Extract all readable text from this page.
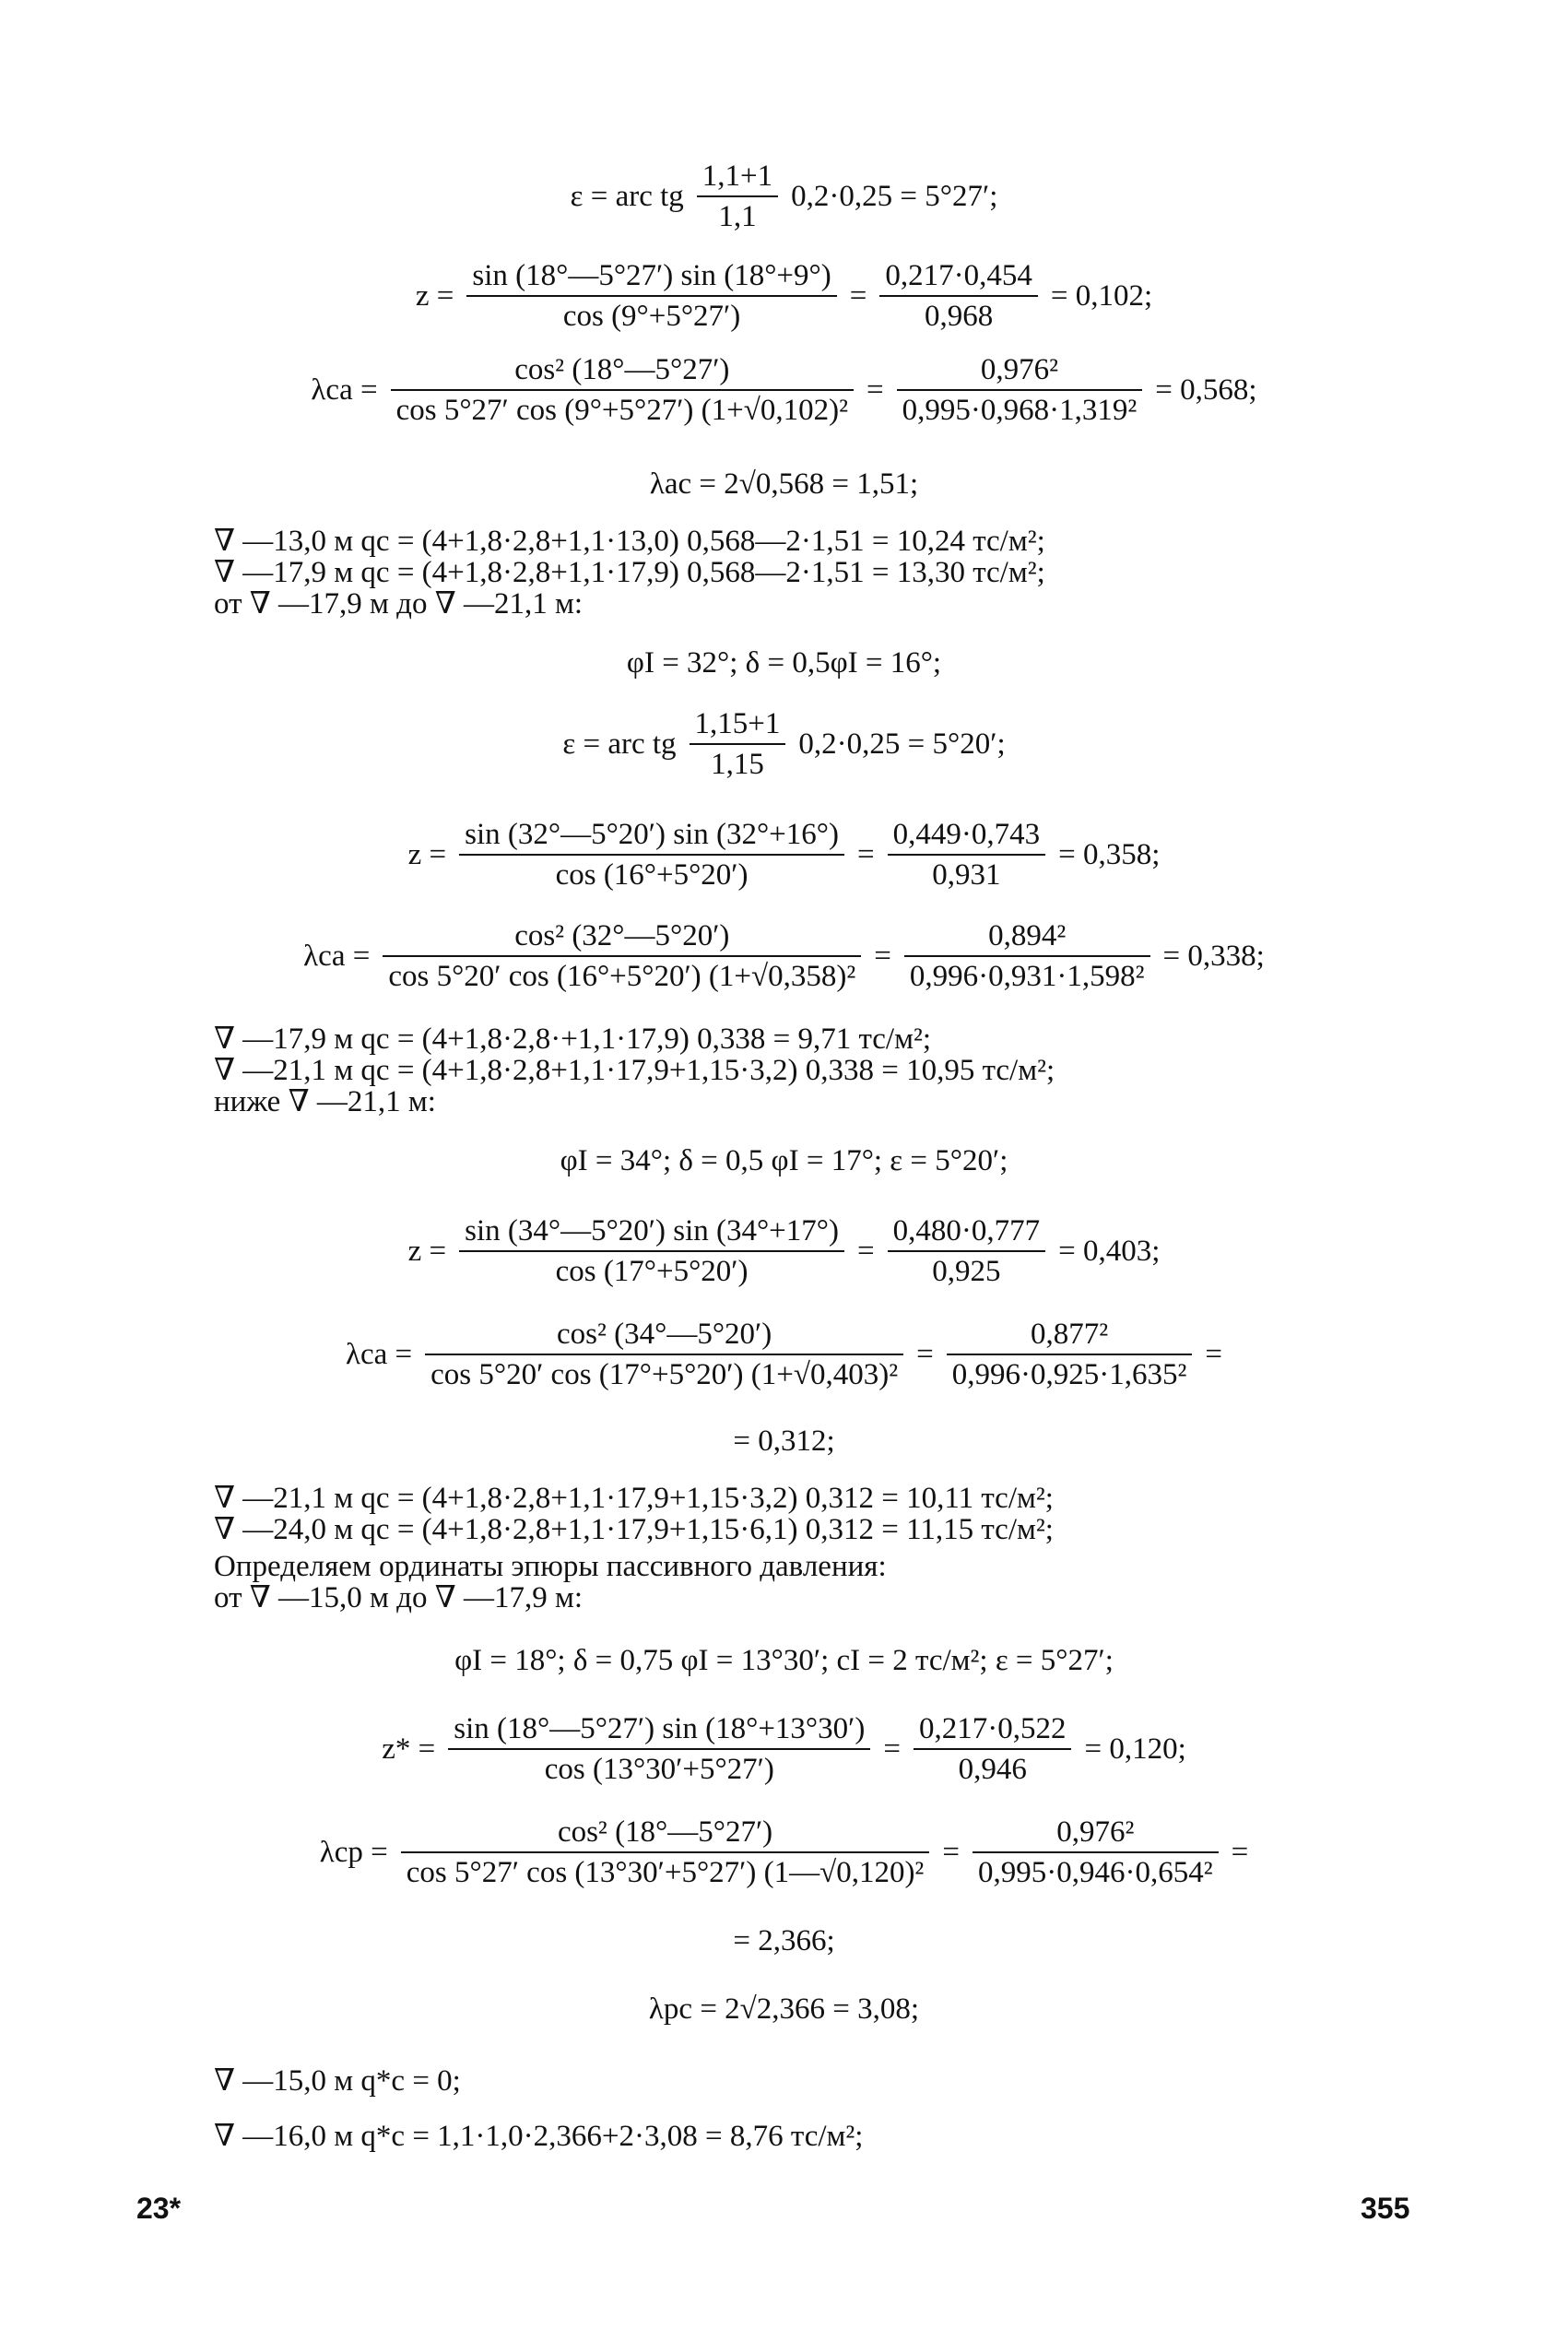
ε = arc tg $\frac{1,1+1}{1,1} 0,2\cdot 0,25 = 5^\circ 27'$;
$z = \frac{\sin (18^\circ—5^\circ 27') \sin (18^\circ+9^\circ)}{\cos (9^\circ+5^\circ 27')} = \frac{0,217\cdot 0,454}{0,968} = 0,102$;
$\lambda ca = \frac{\text{cos² (18°—5°27′)}}{\text{cos 5°27′ cos (9°+5°27′) (1+√0,102)²}} = \frac{\text{0,976²}}{\text{0,995·0,968·1,319²}} = 0,568$;
λac = 2√0,568 = 1,51;
∇ —13,0 м qc = (4+1,8·2,8+1,1·13,0) 0,568—2·1,51 = 10,24 тс/м²;
∇ —17,9 м qc = (4+1,8·2,8+1,1·17,9) 0,568—2·1,51 = 13,30 тс/м²;
от ∇ —17,9 м до ∇ —21,1 м:
φI = 32°; δ = 0,5φI = 16°;
ε = arc tg $\frac{1,15+1}{1,15} 0,2\cdot 0,25 = 5^\circ 20'$;
$z = \frac{\sin (32^\circ—5^\circ 20') \sin (32^\circ+16^\circ)}{\cos (16^\circ+5^\circ 20')} = \frac{0,449\cdot 0,743}{0,931} = 0,358$;
$\lambda ca = \frac{\text{cos² (32°—5°20′)}}{\text{cos 5°20′ cos (16°+5°20′) (1+√0,358)²}} = \frac{\text{0,894²}}{\text{0,996·0,931·1,598²}} = 0,338$;
∇ —17,9 м qc = (4+1,8·2,8·+1,1·17,9) 0,338 = 9,71 тс/м²;
∇ —21,1 м qc = (4+1,8·2,8+1,1·17,9+1,15·3,2) 0,338 = 10,95 тс/м²;
ниже ∇ —21,1 м:
φI = 34°; δ = 0,5 φI = 17°; ε = 5°20′;
$z = \frac{\sin (34^\circ—5^\circ 20') \sin (34^\circ+17^\circ)}{\cos (17^\circ+5^\circ 20')} = \frac{0,480\cdot 0,777}{0,925} = 0,403$;
$\lambda ca = \frac{\text{cos² (34°—5°20′)}}{\text{cos 5°20′ cos (17°+5°20′) (1+√0,403)²}} = \frac{\text{0,877²}}{\text{0,996·0,925·1,635²}}$ =
= 0,312;
∇ —21,1 м qc = (4+1,8·2,8+1,1·17,9+1,15·3,2) 0,312 = 10,11 тс/м²;
∇ —24,0 м qc = (4+1,8·2,8+1,1·17,9+1,15·6,1) 0,312 = 11,15 тс/м²;
Определяем ординаты эпюры пассивного давления:
от ∇ —15,0 м до ∇ —17,9 м:
φI = 18°; δ = 0,75 φI = 13°30′; cI = 2 тс/м²; ε = 5°27′;
$z* = \frac{\sin (18^\circ—5^\circ 27') \sin (18^\circ+13^\circ 30')}{\cos (13^\circ 30'+5^\circ 27')} = \frac{0,217\cdot 0,522}{0,946} = 0,120$;
$\lambda cp = \frac{\text{cos² (18°—5°27′)}}{\text{cos 5°27′ cos (13°30′+5°27′) (1—√0,120)²}} = \frac{\text{0,976²}}{\text{0,995·0,946·0,654²}}$ =
= 2,366;
λpc = 2√2,366 = 3,08;
∇ —15,0 м q*c = 0;
∇ —16,0 м q*c = 1,1·1,0·2,366+2·3,08 = 8,76 тс/м²;
23*	355
